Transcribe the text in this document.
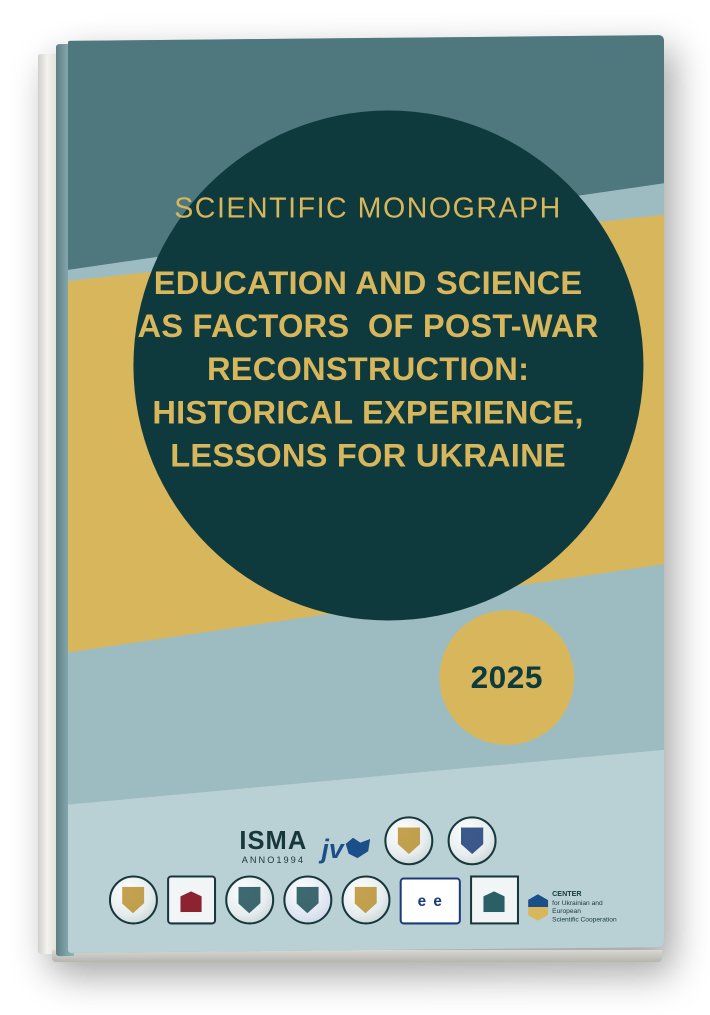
2025
SCIENTIFIC MONOGRAPH
EDUCATION AND SCIENCE
AS FACTORS  OF POST-WAR
RECONSTRUCTION:
HISTORICAL EXPERIENCE,
LESSONS FOR UKRAINE
ISMA
ANNO1994 jv
e e	CENTER
for Ukrainian and European
Scientific Cooperation
